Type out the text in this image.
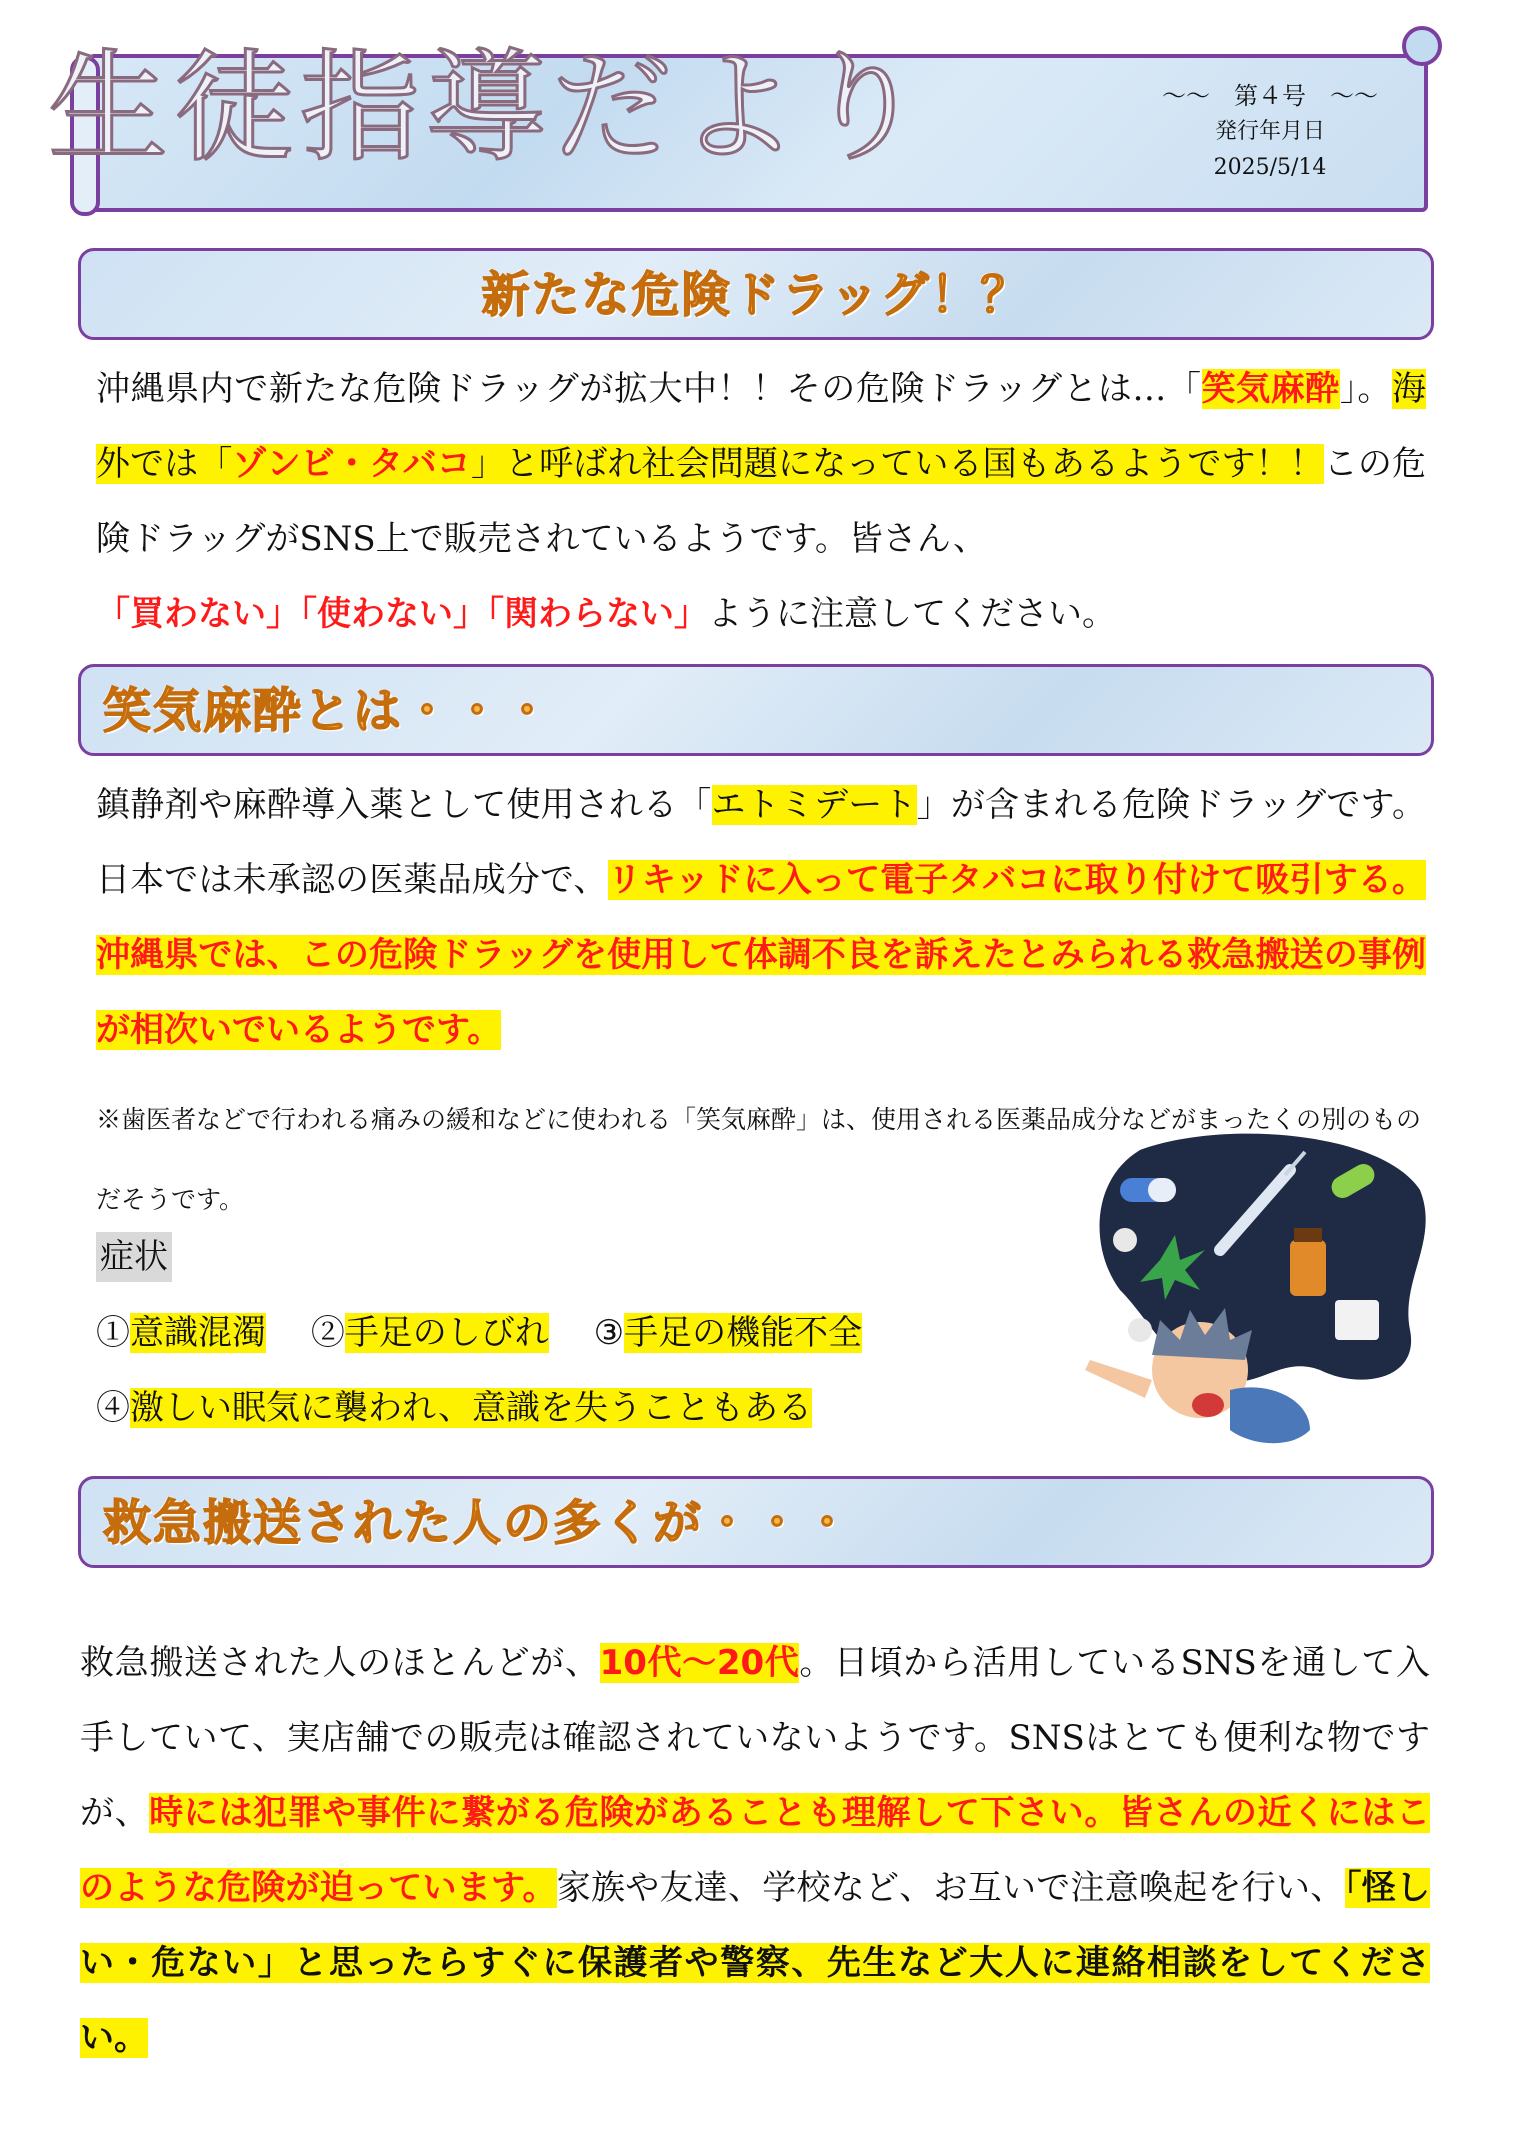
生徒指導だより	～～　第４号　～～
発行年月日
2025/5/14
新たな危険ドラッグ！？
沖縄県内で新たな危険ドラッグが拡大中！！その危険ドラッグとは…「笑気麻酔」。海外では「ゾンビ・タバコ」と呼ばれ社会問題になっている国もあるようです！！この危険ドラッグがSNS上で販売されているようです。皆さん、
「買わない」「使わない」「関わらない」ように注意してください。
笑気麻酔とは・・・
鎮静剤や麻酔導入薬として使用される「エトミデート」が含まれる危険ドラッグです。日本では未承認の医薬品成分で、リキッドに入って電子タバコに取り付けて吸引する。沖縄県では、この危険ドラッグを使用して体調不良を訴えたとみられる救急搬送の事例が相次いでいるようです。
※歯医者などで行われる痛みの緩和などに使われる「笑気麻酔」は、使用される医薬品成分などがまったくの別のものだそうです。
症状
①意識混濁 ②手足のしびれ ③手足の機能不全
④激しい眠気に襲われ、意識を失うこともある
救急搬送された人の多くが・・・
救急搬送された人のほとんどが、10代～20代。日頃から活用しているSNSを通して入手していて、実店舗での販売は確認されていないようです。SNSはとても便利な物ですが、時には犯罪や事件に繋がる危険があることも理解して下さい。皆さんの近くにはこのような危険が迫っています。家族や友達、学校など、お互いで注意喚起を行い、「怪しい・危ない」と思ったらすぐに保護者や警察、先生など大人に連絡相談をしてください。
